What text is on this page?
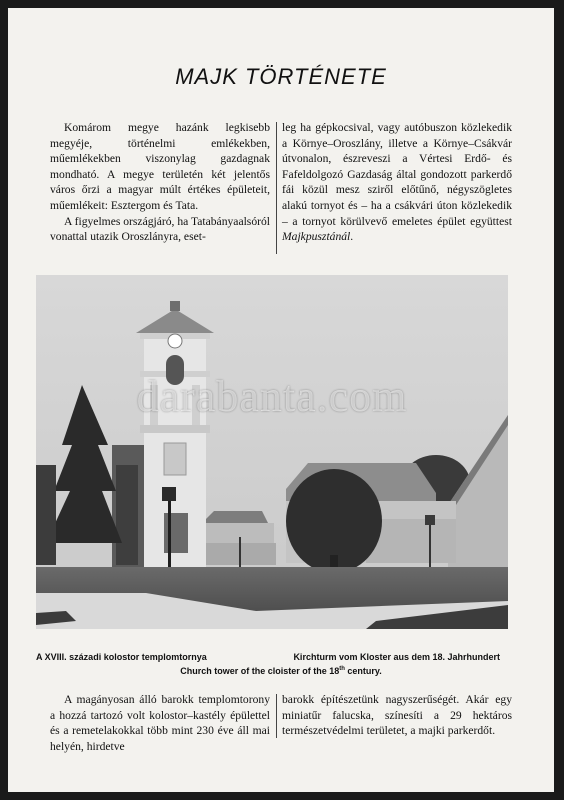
MAJK TÖRTÉNETE

Komárom megye hazánk legkisebb megyéje, történelmi emlékekben, műemlékekben viszonylag gazdagnak mondható. A megye területén két jelentős város őrzi a magyar múlt értékes épületeit, műemlékeit: Esztergom és Tata.

A figyelmes országjáró, ha Tatabányaalsóról vonattal utazik Oroszlányra, eset-

leg ha gépkocsival, vagy autóbuszon közlekedik a Környe–Oroszlány, illetve a Környe–Csákvár útvonalon, észreveszi a Vértesi Erdő- és Fafeldolgozó Gazdaság által gondozott parkerdő fái közül mesz sziről előtűnő, négyszögletes alakú tornyot és – ha a csákvári úton közlekedik – a tornyot körülvevő emeletes épület együttest Majkpusztánál.

darabanta.com
A XVIII. századi kolostor templomtornya	Kirchturm vom Kloster aus dem 18. Jahrhundert
Church tower of the cloister of the 18th century.

A magányosan álló barokk templomtorony a hozzá tartozó volt kolostor–kastély épülettel és a remetelakokkal több mint 230 éve áll mai helyén, hirdetve

barokk építészetünk nagyszerűségét. Akár egy miniatűr falucska, színesíti a 29 hektáros természetvédelmi területet, a majki parkerdőt.
